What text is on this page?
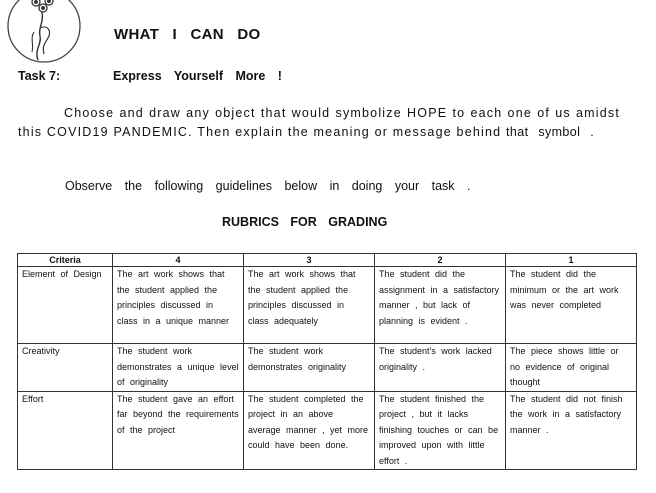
WHAT I CAN DO
Task 7:	Express Yourself More !
Choose and draw any object that would symbolize HOPE to each one of us amidst this COVID19 PANDEMIC. Then explain the meaning or message behind that symbol .
Observe the following guidelines below in doing your task .
RUBRICS FOR GRADING
Criteria	4	3	2	1
Element of Design	The art work shows that the student applied the principles discussed in class in a unique manner	The art work shows that the student applied the principles discussed in class adequately	The student did the assignment in a satisfactory manner , but lack of planning is evident .	The student did the minimum or the art work was never completed
Creativity	The student work demonstrates a unique level of originality	The student work demonstrates originality	The student's work lacked originality .	The piece shows little or no evidence of original thought
Effort	The student gave an effort far beyond the requirements of the project	The student completed the project in an above average manner , yet more could have been done.	The student finished the project , but it lacks finishing touches or can be improved upon with little effort .	The student did not finish the work in a satisfactory manner .
